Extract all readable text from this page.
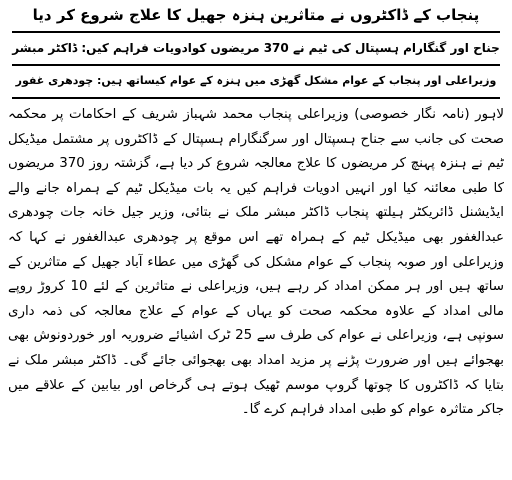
پنجاب کے ڈاکٹروں نے متاثرین ہنزہ جھیل کا علاج شروع کر دیا
جناح اور گنگارام ہسپتال کی ٹیم نے 370 مریضوں کوادویات فراہم کیں: ڈاکٹر مبشر
وزیراعلی اور پنجاب کے عوام مشکل گھڑی میں ہنزہ کے عوام کیساتھ ہیں: چودھری غفور
لاہور (نامہ نگار خصوصی) وزیراعلی پنجاب محمد شہباز شریف کے احکامات پر محکمہ صحت کی جانب سے جناح ہسپتال اور سرگنگارام ہسپتال کے ڈاکٹروں پر مشتمل میڈیکل ٹیم نے ہنزہ پہنچ کر مریضوں کا علاج معالجہ شروع کر دیا ہے، گزشتہ روز 370 مریضوں کا طبی معائنہ کیا اور انہیں ادویات فراہم کیں یہ بات میڈیکل ٹیم کے ہمراہ جانے والے ایڈیشنل ڈائریکٹر ہیلتھ پنجاب ڈاکٹر مبشر ملک نے بتائی، وزیر جیل خانہ جات چودھری عبدالغفور بھی میڈیکل ٹیم کے ہمراہ تھے اس موقع پر چودھری عبدالغفور نے کہا کہ وزیراعلی اور صوبہ پنجاب کے عوام مشکل کی گھڑی میں عطاء آباد جھیل کے متاثرین کے ساتھ ہیں اور ہر ممکن امداد کر رہے ہیں، وزیراعلی نے متاثرین کے لئے 10 کروڑ روپے مالی امداد کے علاوہ محکمہ صحت کو یہاں کے عوام کے علاج معالجہ کی ذمہ داری سونپی ہے، وزیراعلی نے عوام کی طرف سے 25 ٹرک اشیائے ضروریہ اور خوردونوش بھی بھجوائے ہیں اور ضرورت پڑنے پر مزید امداد بھی بھجوائی جائے گی۔ ڈاکٹر مبشر ملک نے بتایا کہ ڈاکٹروں کا چوتھا گروپ موسم ٹھیک ہوتے ہی گرخاص اور بیابین کے علاقے میں جاکر متاثرہ عوام کو طبی امداد فراہم کرے گا۔
